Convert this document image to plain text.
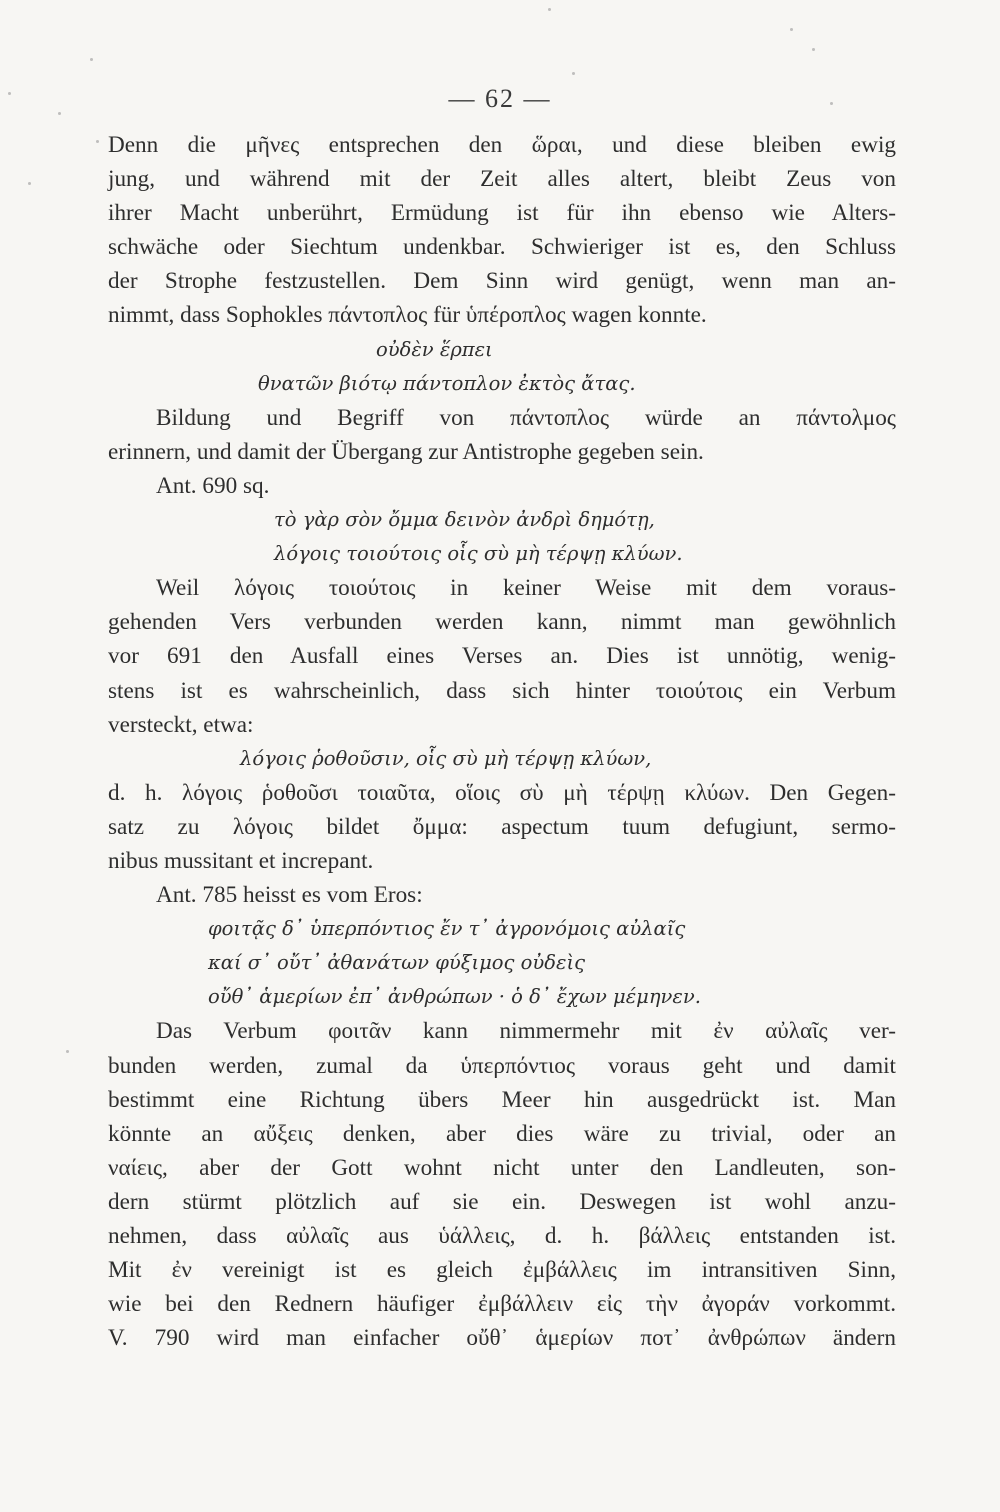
— 62 —
Denn die μῆνες entsprechen den ὥραι, und diese bleiben ewig
jung, und während mit der Zeit alles altert, bleibt Zeus von
ihrer Macht unberührt, Ermüdung ist für ihn ebenso wie Alters-
schwäche oder Siechtum undenkbar. Schwieriger ist es, den Schluss
der Strophe festzustellen. Dem Sinn wird genügt, wenn man an-
nimmt, dass Sophokles πάντοπλος für ὑπέροπλος wagen konnte.
οὐδὲν ἕρπει
θνατῶν βιότῳ πάντοπλον ἐκτὸς ἄτας.
Bildung und Begriff von πάντοπλος würde an πάντολμος
erinnern, und damit der Übergang zur Antistrophe gegeben sein.
Ant. 690 sq.
τὸ γὰρ σὸν ὄμμα δεινὸν ἀνδρὶ δημότῃ,
λόγοις τοιούτοις οἷς σὺ μὴ τέρψῃ κλύων.
Weil λόγοις τοιούτοις in keiner Weise mit dem voraus-
gehenden Vers verbunden werden kann, nimmt man gewöhnlich
vor 691 den Ausfall eines Verses an. Dies ist unnötig, wenig-
stens ist es wahrscheinlich, dass sich hinter τοιούτοις ein Verbum
versteckt, etwa:
λόγοις ῥοθοῦσιν, οἷς σὺ μὴ τέρψῃ κλύων,
d. h. λόγοις ῥοθοῦσι τοιαῦτα, οἵοις σὺ μὴ τέρψῃ κλύων. Den Gegen-
satz zu λόγοις bildet ὄμμα: aspectum tuum defugiunt, sermo-
nibus mussitant et increpant.
Ant. 785 heisst es vom Eros:
φοιτᾷς δ᾽ ὑπερπόντιος ἔν τ᾽ ἀγρονόμοις αὐλαῖς
καί σ᾽ οὔτ᾽ ἀθανάτων φύξιμος οὐδεὶς
οὔθ᾽ ἁμερίων ἐπ᾽ ἀνθρώπων · ὁ δ᾽ ἔχων μέμηνεν.
Das Verbum φοιτᾶν kann nimmermehr mit ἐν αὐλαῖς ver-
bunden werden, zumal da ὑπερπόντιος voraus geht und damit
bestimmt eine Richtung übers Meer hin ausgedrückt ist. Man
könnte an αὔξεις denken, aber dies wäre zu trivial, oder an
ναίεις, aber der Gott wohnt nicht unter den Landleuten, son-
dern stürmt plötzlich auf sie ein. Deswegen ist wohl anzu-
nehmen, dass αὐλαῖς aus ὑάλλεις, d. h. βάλλεις entstanden ist.
Mit ἐν vereinigt ist es gleich ἐμβάλλεις im intransitiven Sinn,
wie bei den Rednern häufiger ἐμβάλλειν εἰς τὴν ἀγοράν vorkommt.
V. 790 wird man einfacher οὔθ᾽ ἁμερίων ποτ᾽ ἀνθρώπων ändern
